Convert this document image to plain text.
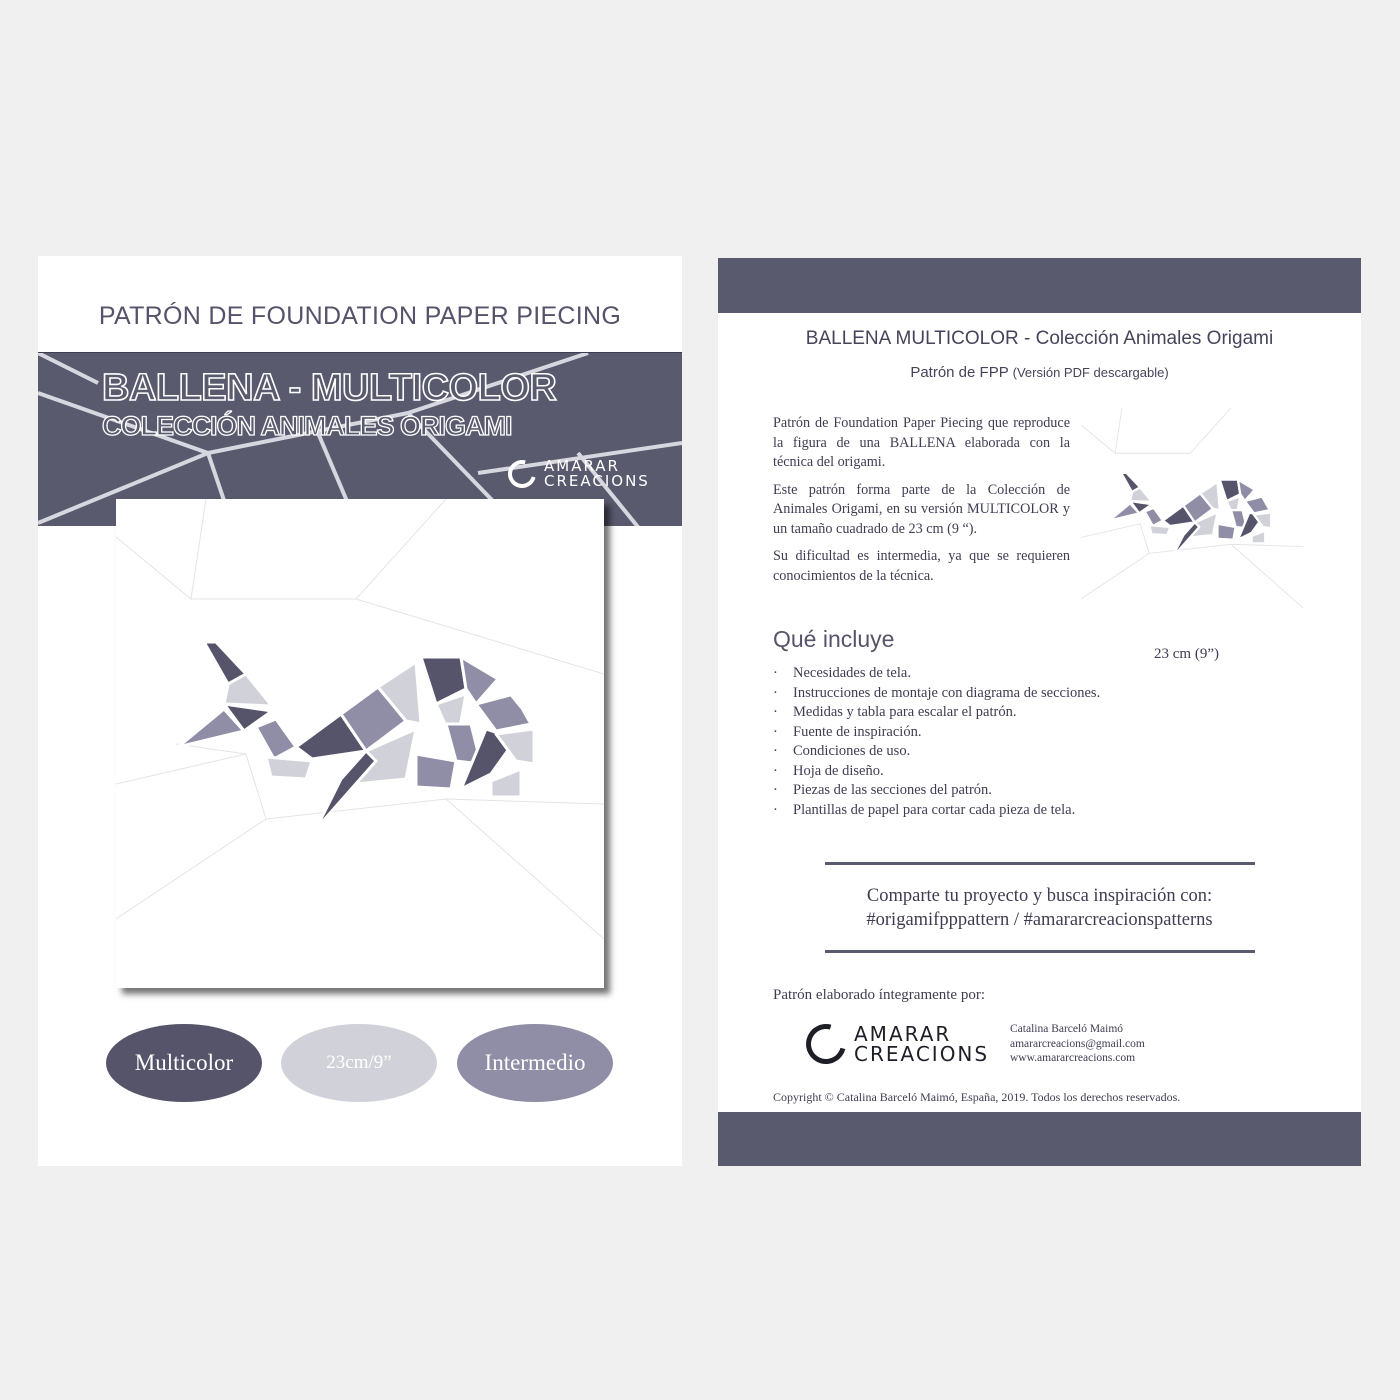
PATRÓN DE FOUNDATION PAPER PIECING
BALLENA - MULTICOLOR
COLECCIÓN ANIMALES ORIGAMI
AMARAR
CREACIONS
Multicolor	23cm/9”	Intermedio
BALLENA MULTICOLOR - Colección Animales Origami
Patrón de FPP (Versión PDF descargable)

Patrón de Foundation Paper Piecing que reproduce la figura de una BALLENA elaborada con la técnica del origami.

Este patrón forma parte de la Colección de Animales Origami, en su versión MULTICOLOR y un tamaño cuadrado de 23 cm (9 “).

Su dificultad es intermedia, ya que se requieren conocimientos de la técnica.

23 cm (9”)
Qué incluye
· Necesidades de tela.
· Instrucciones de montaje con diagrama de secciones.
· Medidas y tabla para escalar el patrón.
· Fuente de inspiración.
· Condiciones de uso.
· Hoja de diseño.
· Piezas de las secciones del patrón.
· Plantillas de papel para cortar cada pieza de tela.
Comparte tu proyecto y busca inspiración con:
#origamifpppattern / #amararcreacionspatterns
Patrón elaborado íntegramente por:
AMARAR
CREACIONS
Catalina Barceló Maimó
amararcreacions@gmail.com
www.amararcreacions.com
Copyright © Catalina Barceló Maimó, España, 2019. Todos los derechos reservados.
